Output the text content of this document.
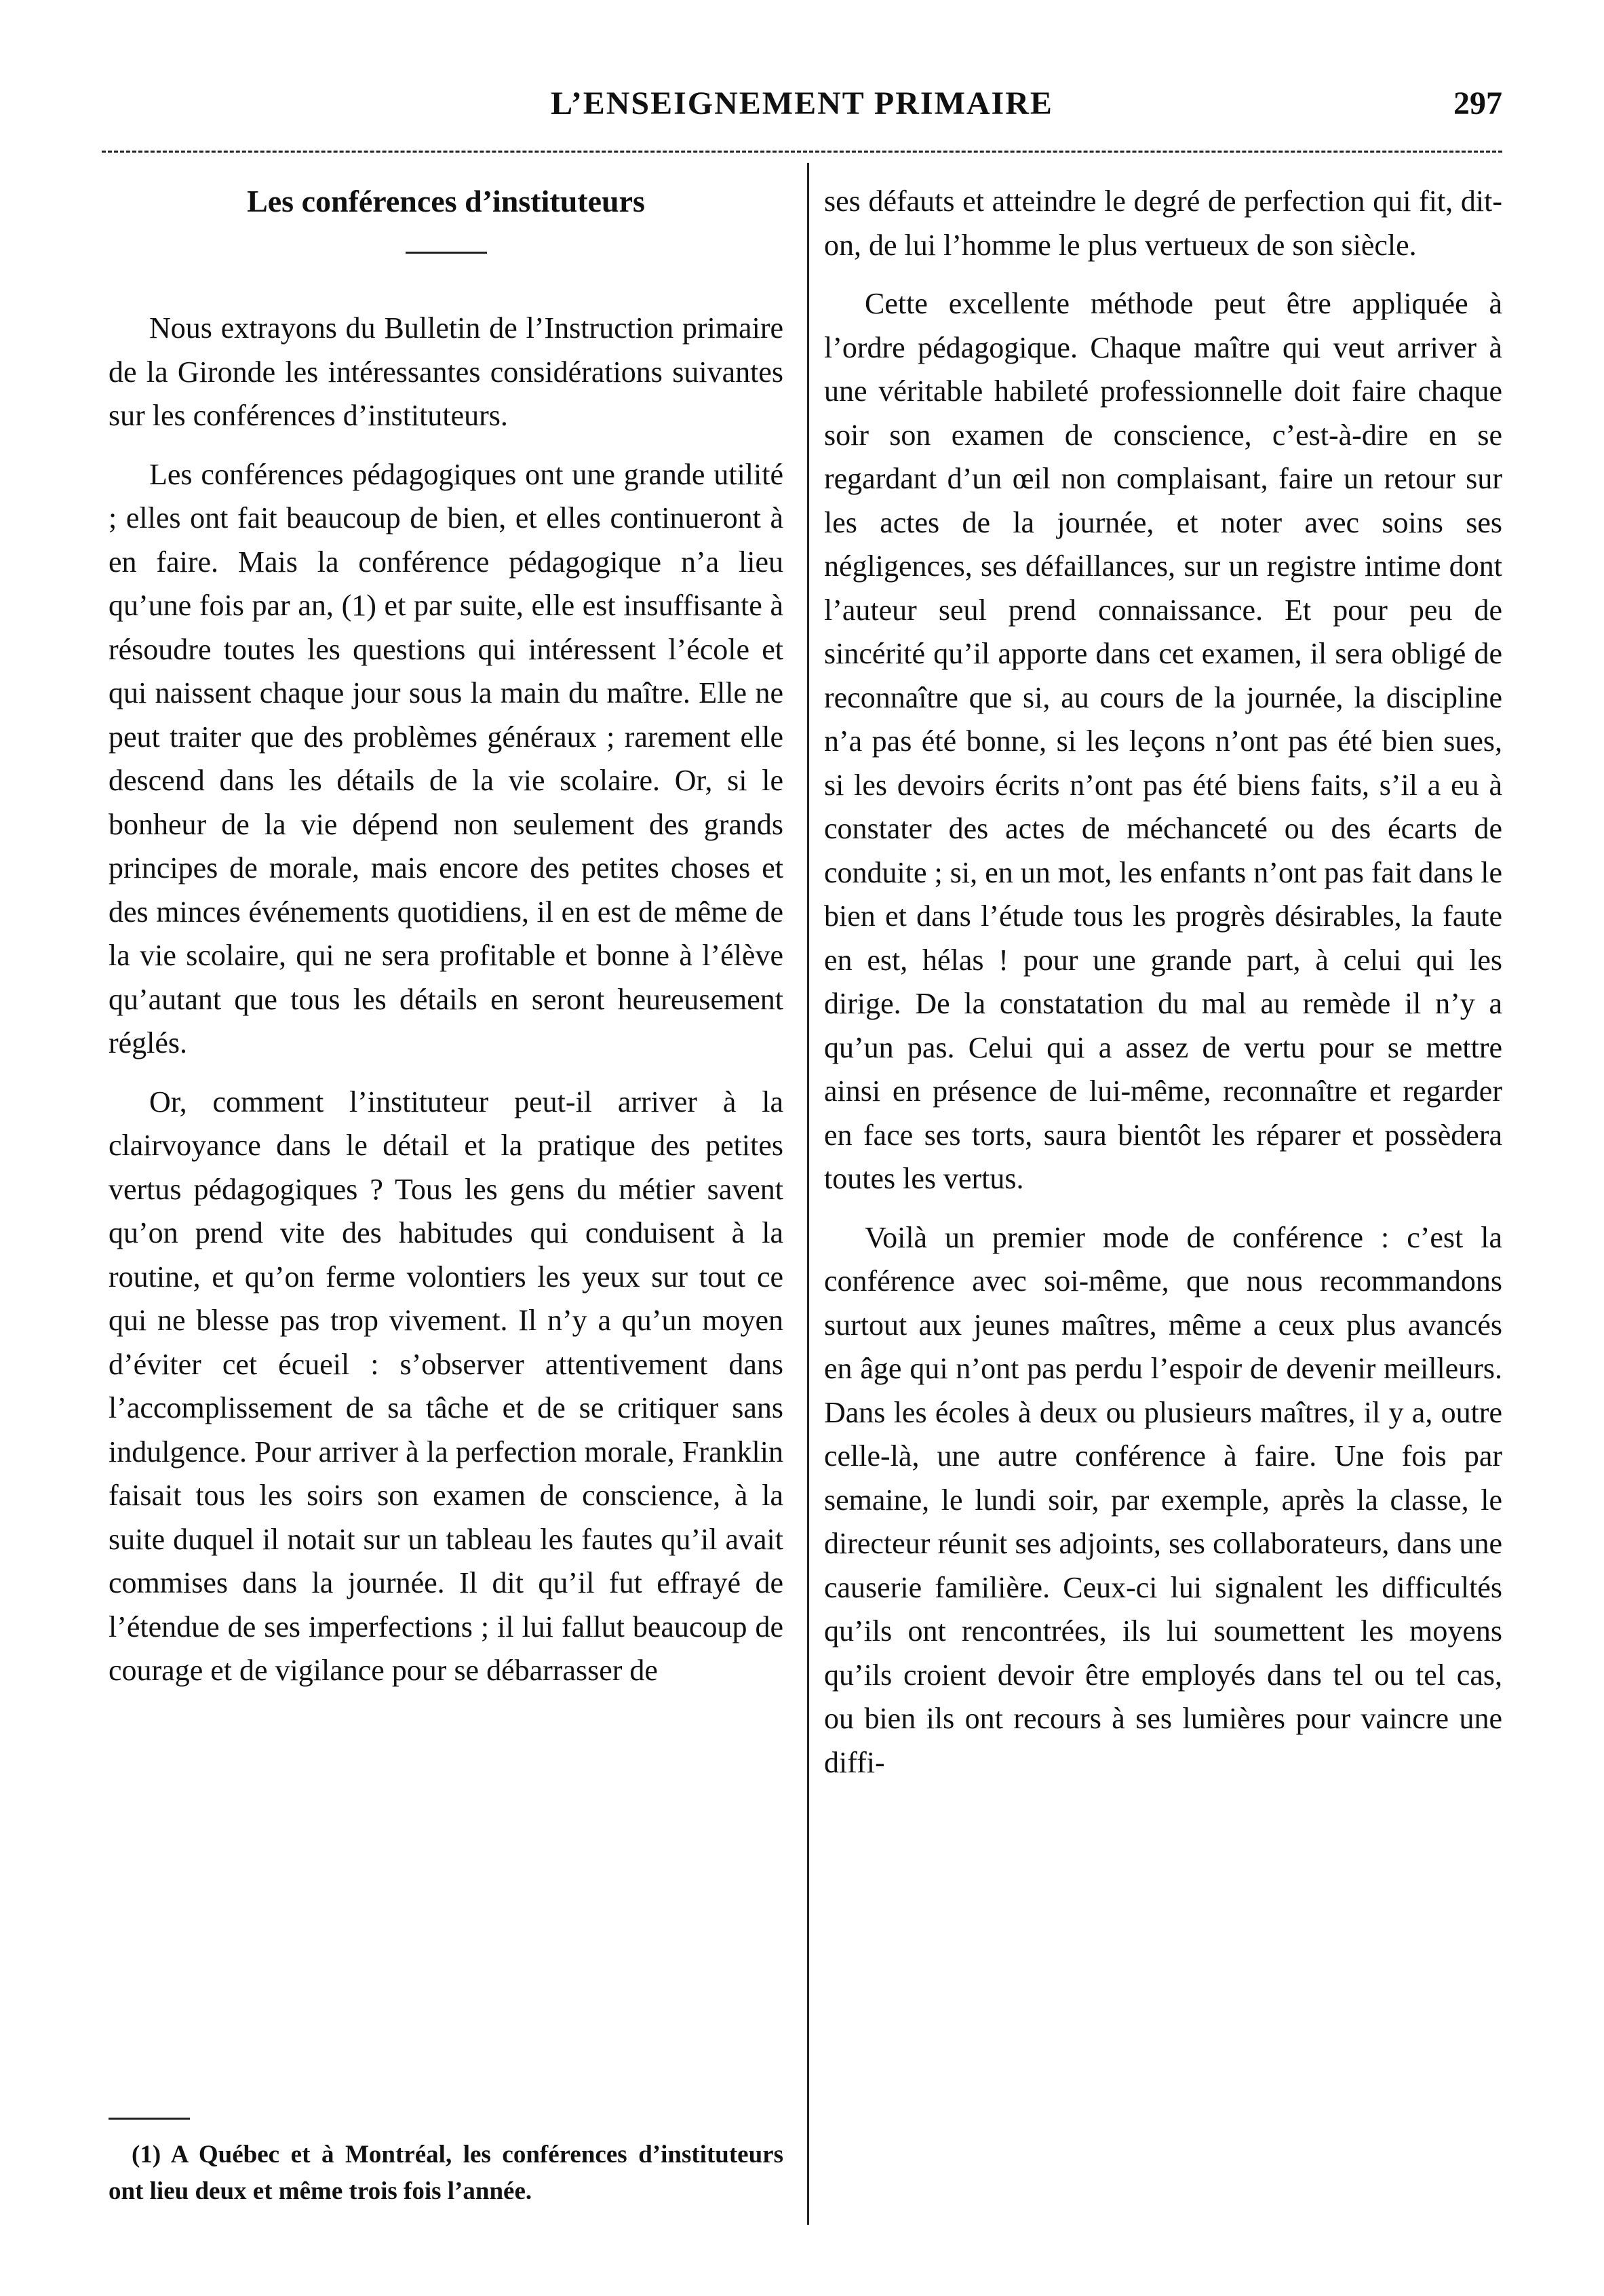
L’ENSEIGNEMENT PRIMAIRE	297
Les conférences d’instituteurs

Nous extrayons du Bulletin de l’Instruction primaire de la Gironde les intéressantes considérations suivantes sur les conférences d’instituteurs.

Les conférences pédagogiques ont une grande utilité ; elles ont fait beaucoup de bien, et elles continueront à en faire. Mais la conférence pédagogique n’a lieu qu’une fois par an, (1) et par suite, elle est insuffisante à résoudre toutes les questions qui intéressent l’école et qui naissent chaque jour sous la main du maître. Elle ne peut traiter que des problèmes généraux ; rarement elle descend dans les détails de la vie scolaire. Or, si le bonheur de la vie dépend non seulement des grands principes de morale, mais encore des petites choses et des minces événements quotidiens, il en est de même de la vie scolaire, qui ne sera profitable et bonne à l’élève qu’autant que tous les détails en seront heureusement réglés.

Or, comment l’instituteur peut-il arriver à la clairvoyance dans le détail et la pratique des petites vertus pédagogiques ? Tous les gens du métier savent qu’on prend vite des habitudes qui conduisent à la routine, et qu’on ferme volontiers les yeux sur tout ce qui ne blesse pas trop vivement. Il n’y a qu’un moyen d’éviter cet écueil : s’observer attentivement dans l’accomplissement de sa tâche et de se critiquer sans indulgence. Pour arriver à la perfection morale, Franklin faisait tous les soirs son examen de conscience, à la suite duquel il notait sur un tableau les fautes qu’il avait commises dans la journée. Il dit qu’il fut effrayé de l’étendue de ses imperfections ; il lui fallut beaucoup de courage et de vigilance pour se débarrasser de

ses défauts et atteindre le degré de perfection qui fit, dit-on, de lui l’homme le plus vertueux de son siècle.

Cette excellente méthode peut être appliquée à l’ordre pédagogique. Chaque maître qui veut arriver à une véritable habileté professionnelle doit faire chaque soir son examen de conscience, c’est-à-dire en se regardant d’un œil non complaisant, faire un retour sur les actes de la journée, et noter avec soins ses négligences, ses défaillances, sur un registre intime dont l’auteur seul prend connaissance. Et pour peu de sincérité qu’il apporte dans cet examen, il sera obligé de reconnaître que si, au cours de la journée, la discipline n’a pas été bonne, si les leçons n’ont pas été bien sues, si les devoirs écrits n’ont pas été biens faits, s’il a eu à constater des actes de méchanceté ou des écarts de conduite ; si, en un mot, les enfants n’ont pas fait dans le bien et dans l’étude tous les progrès désirables, la faute en est, hélas ! pour une grande part, à celui qui les dirige. De la constatation du mal au remède il n’y a qu’un pas. Celui qui a assez de vertu pour se mettre ainsi en présence de lui-même, reconnaître et regarder en face ses torts, saura bientôt les réparer et possèdera toutes les vertus.

Voilà un premier mode de conférence : c’est la conférence avec soi-même, que nous recommandons surtout aux jeunes maîtres, même a ceux plus avancés en âge qui n’ont pas perdu l’espoir de devenir meilleurs. Dans les écoles à deux ou plusieurs maîtres, il y a, outre celle-là, une autre conférence à faire. Une fois par semaine, le lundi soir, par exemple, après la classe, le directeur réunit ses adjoints, ses collaborateurs, dans une causerie familière. Ceux-ci lui signalent les difficultés qu’ils ont rencontrées, ils lui soumettent les moyens qu’ils croient devoir être employés dans tel ou tel cas, ou bien ils ont recours à ses lumières pour vaincre une diffi-

(1) A Québec et à Montréal, les conférences d’instituteurs ont lieu deux et même trois fois l’année.
